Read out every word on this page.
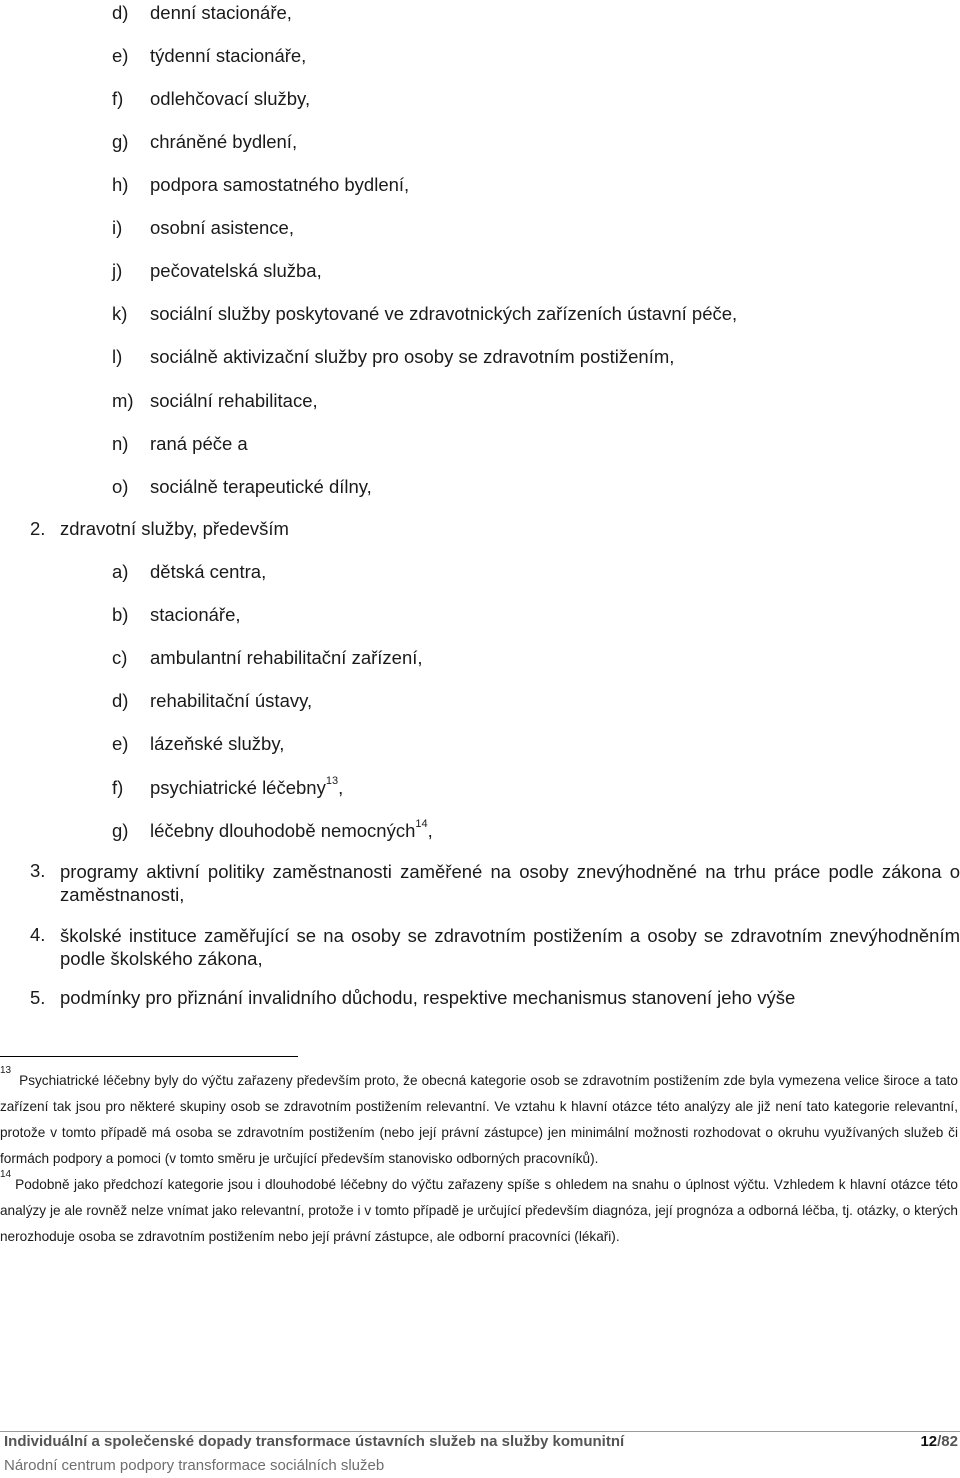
d) denní stacionáře,
e) týdenní stacionáře,
f) odlehčovací služby,
g) chráněné bydlení,
h) podpora samostatného bydlení,
i) osobní asistence,
j) pečovatelská služba,
k) sociální služby poskytované ve zdravotnických zařízeních ústavní péče,
l) sociálně aktivizační služby pro osoby se zdravotním postižením,
m) sociální rehabilitace,
n) raná péče a
o) sociálně terapeutické dílny,
2. zdravotní služby, především
a) dětská centra,
b) stacionáře,
c) ambulantní rehabilitační zařízení,
d) rehabilitační ústavy,
e) lázeňské služby,
f) psychiatrické léčebny$^{13}$,
g) léčebny dlouhodobě nemocných$^{14}$,
3. programy aktivní politiky zaměstnanosti zaměřené na osoby znevýhodněné na trhu práce podle zákona o zaměstnanosti,
4. školské instituce zaměřující se na osoby se zdravotním postižením a osoby se zdravotním znevýhodněním podle školského zákona,
5. podmínky pro přiznání invalidního důchodu, respektive mechanismus stanovení jeho výše
$^{13}$Psychiatrické léčebny byly do výčtu zařazeny především proto, že obecná kategorie osob se zdravotním postižením zde byla vymezena velice široce a tato zařízení tak jsou pro některé skupiny osob se zdravotním postižením relevantní. Ve vztahu k hlavní otázce této analýzy ale již není tato kategorie relevantní, protože v tomto případě má osoba se zdravotním postižením (nebo její právní zástupce) jen minimální možnosti rozhodovat o okruhu využívaných služeb či formách podpory a pomoci (v tomto směru je určující především stanovisko odborných pracovníků).
$^{14}$Podobně jako předchozí kategorie jsou i dlouhodobé léčebny do výčtu zařazeny spíše s ohledem na snahu o úplnost výčtu. Vzhledem k hlavní otázce této analýzy je ale rovněž nelze vnímat jako relevantní, protože i v tomto případě je určující především diagnóza, její prognóza a odborná léčba, tj. otázky, o kterých nerozhoduje osoba se zdravotním postižením nebo její právní zástupce, ale odborní pracovníci (lékaři).
Individuální a společenské dopady transformace ústavních služeb na služby komunitní	12/82
Národní centrum podpory transformace sociálních služeb
